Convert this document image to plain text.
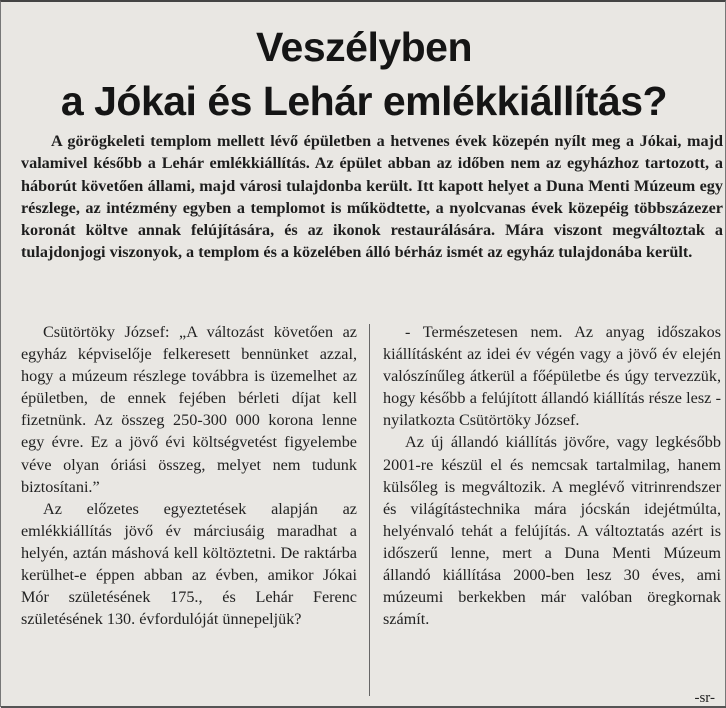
Veszélyben
a Jókai és Lehár emlékkiállítás?
A görögkeleti templom mellett lévő épületben a hetvenes évek közepén nyílt meg a Jókai, majd valamivel később a Lehár emlékkiállítás. Az épület abban az időben nem az egyházhoz tartozott, a háborút követően állami, majd városi tulajdonba került. Itt kapott helyet a Duna Menti Múzeum egy részlege, az intézmény egyben a templomot is működtette, a nyolcvanas évek közepéig többszázezer koronát költve annak felújítására, és az ikonok restaurálására. Mára viszont megváltoztak a tulajdonjogi viszonyok, a templom és a közelében álló bérház ismét az egyház tulajdonába került.

Csütörtöky József: „A változást követően az egyház képviselője felkeresett bennünket azzal, hogy a múzeum részlege továbbra is üzemelhet az épületben, de ennek fejében bérleti díjat kell fizetnünk. Az összeg 250-300 000 korona lenne egy évre. Ez a jövő évi költségvetést figyelembe véve olyan óriási összeg, melyet nem tudunk biztosítani.”

Az előzetes egyeztetések alapján az emlékkiállítás jövő év márciusáig maradhat a helyén, aztán máshová kell költöztetni. De raktárba kerülhet-e éppen abban az évben, amikor Jókai Mór születésének 175., és Lehár Ferenc születésének 130. évfordulóját ünnepeljük?

- Természetesen nem. Az anyag időszakos kiállításként az idei év végén vagy a jövő év elején valószínűleg átkerül a főépületbe és úgy tervezzük, hogy később a felújított állandó kiállítás része lesz - nyilatkozta Csütörtöky József.

Az új állandó kiállítás jövőre, vagy legkésőbb 2001-re készül el és nemcsak tartalmilag, hanem külsőleg is megváltozik. A meglévő vitrinrendszer és világítástechnika mára jócskán idejétmúlta, helyénvaló tehát a felújítás. A változtatás azért is időszerű lenne, mert a Duna Menti Múzeum állandó kiállítása 2000-ben lesz 30 éves, ami múzeumi berkekben már valóban öregkornak számít.

-sr-
